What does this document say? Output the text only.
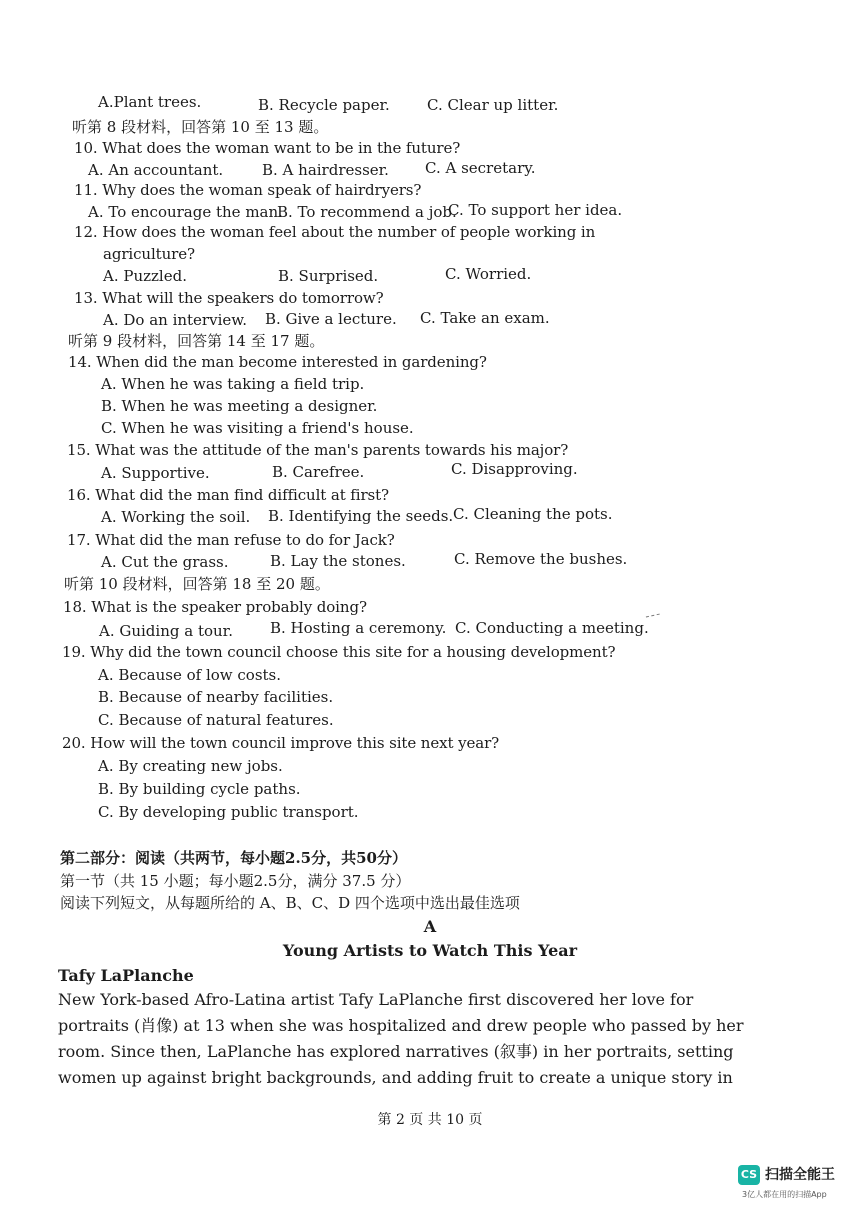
A.Plant trees.	B. Recycle paper. C. Clear up litter.
听第 8 段材料，回答第 10 至 13 题。
10. What does the woman want to be in the future?
A. An accountant.	B. A hairdresser. C. A secretary.
11. Why does the woman speak of hairdryers?
A. To encourage the man.
B. To recommend a job.
C. To support her idea.
12. How does the woman feel about the number of people working in
agriculture?
A. Puzzled.	B. Surprised.	C. Worried.
13. What will the speakers do tomorrow?
A. Do an interview. B. Give a lecture. C. Take an exam.
听第 9 段材料，回答第 14 至 17 题。
14. When did the man become interested in gardening?
A. When he was taking a field trip.
B. When he was meeting a designer.
C. When he was visiting a friend's house.
15. What was the attitude of the man's parents towards his major?
A. Supportive.	B. Carefree.	C. Disapproving.
16. What did the man find difficult at first?
A. Working the soil. B. Identifying the seeds. C. Cleaning the pots.
17. What did the man refuse to do for Jack?
A. Cut the grass.	B. Lay the stones.	C. Remove the bushes.
听第 10 段材料，回答第 18 至 20 题。
18. What is the speaker probably doing?
A. Guiding a tour. B. Hosting a ceremony. C. Conducting a meeting.
19. Why did the town council choose this site for a housing development?
A. Because of low costs.
B. Because of nearby facilities.
C. Because of natural features.
20. How will the town council improve this site next year?
A. By creating new jobs.
B. By building cycle paths.
C. By developing public transport.
第二部分：阅读（共两节，每小题2.5分，共50分）
第一节（共 15 小题；每小题2.5分，满分 37.5 分）
阅读下列短文，从每题所给的 A、B、C、D 四个选项中选出最佳选项
A
Young Artists to Watch This Year
Tafy LaPlanche
New York-based Afro-Latina artist Tafy LaPlanche first discovered her love for
portraits (肖像) at 13 when she was hospitalized and drew people who passed by her
room. Since then, LaPlanche has explored narratives (叙事) in her portraits, setting
women up against bright backgrounds, and adding fruit to create a unique story in
第 2 页 共 10 页
CS 扫描全能王
3亿人都在用的扫描App
